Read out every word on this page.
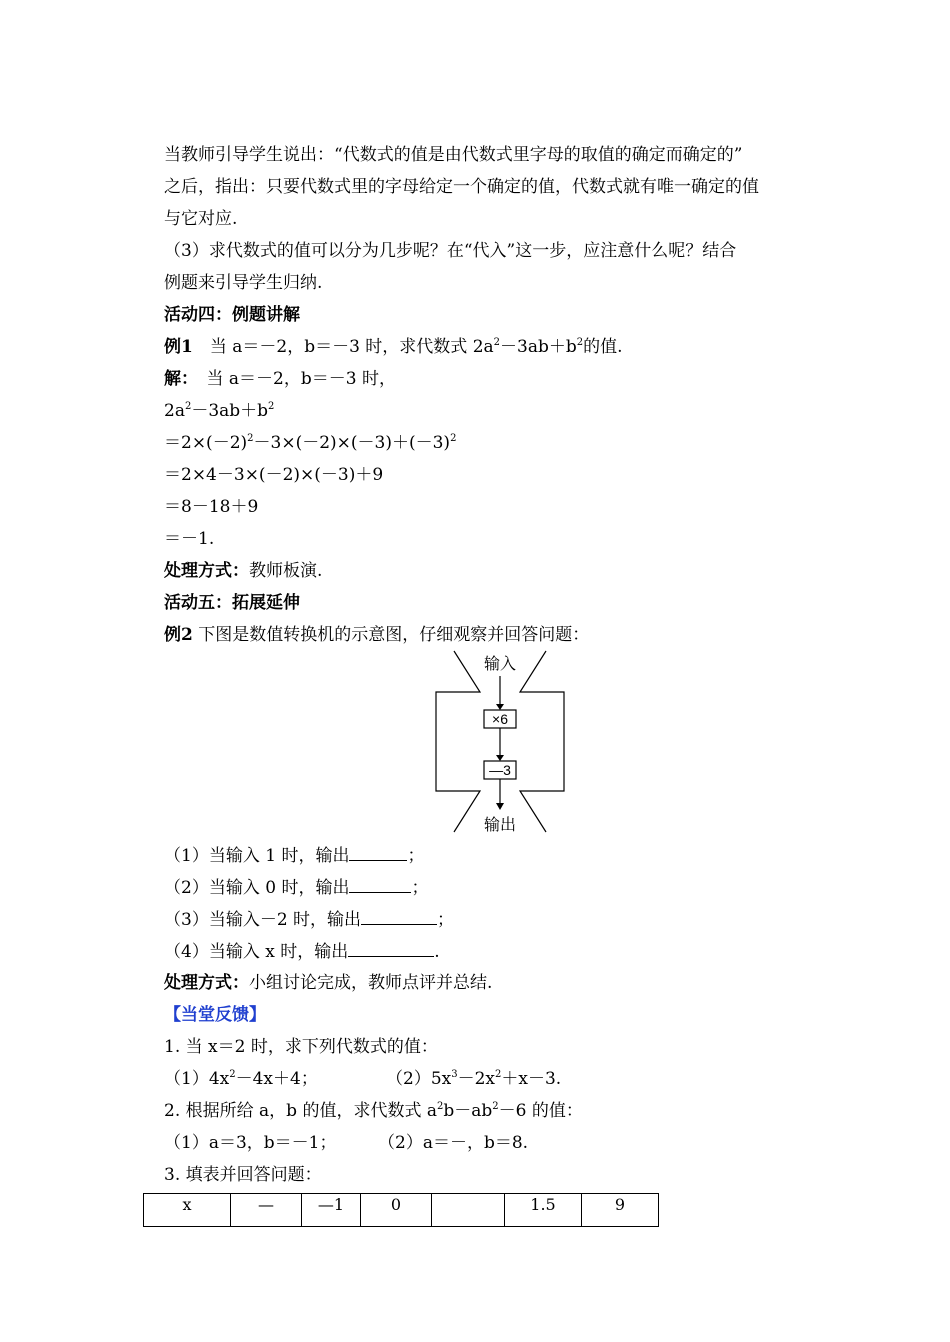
当教师引导学生说出：“代数式的值是由代数式里字母的取值的确定而确定的”
之后，指出：只要代数式里的字母给定一个确定的值，代数式就有唯一确定的值
与它对应.
（3）求代数式的值可以分为几步呢？在“代入”这一步，应注意什么呢？结合
例题来引导学生归纳.
活动四：例题讲解
例1　当 a＝－2，b＝－3 时，求代数式 $2a^2-3ab+b^2$的值.
解：　当 a＝－2，b＝－3 时，
$2a^2-3ab+b^2$
$=2\times(-2)^2-3\times(-2)\times(-3)+(-3)^2$
＝2×4－3×(－2)×(－3)＋9
＝8－18＋9
＝－1.
处理方式：教师板演.
活动五：拓展延伸
例2 下图是数值转换机的示意图，仔细观察并回答问题：
输入
×6
—3
输出
（1）当输入 1 时，输出	；
（2）当输入 0 时，输出	；
（3）当输入－2 时，输出	；
（4）当输入 x 时，输出	.
处理方式：小组讨论完成，教师点评并总结.
【当堂反馈】
1. 当 x＝2 时，求下列代数式的值：
$(1)4x^2-4x+4$；	$(2)5x^3-2x^2+x-3$.
2. 根据所给 a，b 的值，求代数式 $a^2b-ab^2-6$ 的值：
（1）a＝3，b＝－1； （2）a＝－，b＝8.
3. 填表并回答问题：
x	—	—1	0		1.5	9
